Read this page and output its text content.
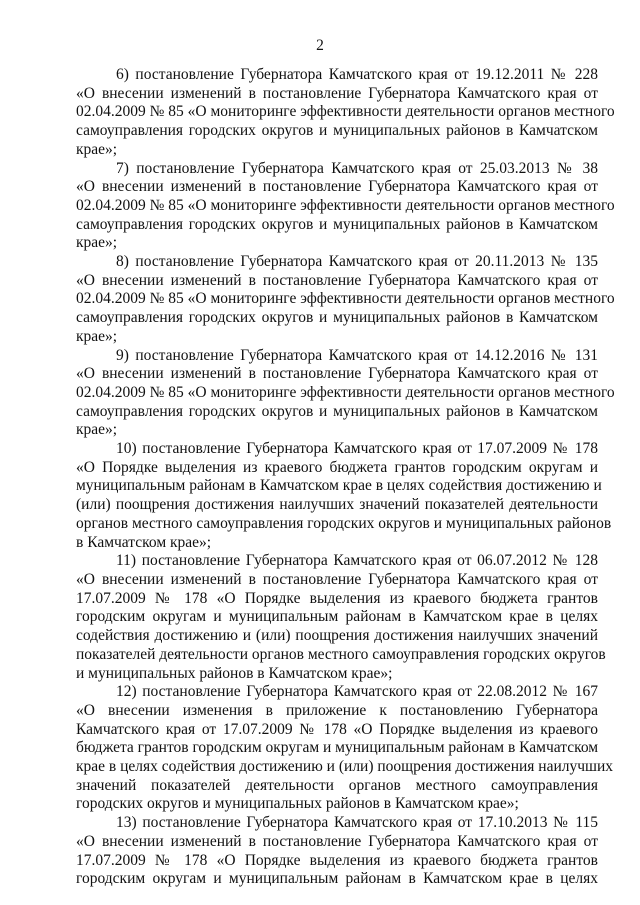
2

6) постановление Губернатора Камчатского края от 19.12.2011 № 228
«О внесении изменений в постановление Губернатора Камчатского края от
02.04.2009 № 85 «О мониторинге эффективности деятельности органов местного
самоуправления городских округов и муниципальных районов в Камчатском
крае»;

7) постановление Губернатора Камчатского края от 25.03.2013 № 38
«О внесении изменений в постановление Губернатора Камчатского края от
02.04.2009 № 85 «О мониторинге эффективности деятельности органов местного
самоуправления городских округов и муниципальных районов в Камчатском
крае»;

8) постановление Губернатора Камчатского края от 20.11.2013 № 135
«О внесении изменений в постановление Губернатора Камчатского края от
02.04.2009 № 85 «О мониторинге эффективности деятельности органов местного
самоуправления городских округов и муниципальных районов в Камчатском
крае»;

9) постановление Губернатора Камчатского края от 14.12.2016 № 131
«О внесении изменений в постановление Губернатора Камчатского края от
02.04.2009 № 85 «О мониторинге эффективности деятельности органов местного
самоуправления городских округов и муниципальных районов в Камчатском
крае»;

10) постановление Губернатора Камчатского края от 17.07.2009 № 178
«О Порядке выделения из краевого бюджета грантов городским округам и
муниципальным районам в Камчатском крае в целях содействия достижению и
(или) поощрения достижения наилучших значений показателей деятельности
органов местного самоуправления городских округов и муниципальных районов
в Камчатском крае»;

11) постановление Губернатора Камчатского края от 06.07.2012 № 128
«О внесении изменений в постановление Губернатора Камчатского края от
17.07.2009 № 178 «О Порядке выделения из краевого бюджета грантов
городским округам и муниципальным районам в Камчатском крае в целях
содействия достижению и (или) поощрения достижения наилучших значений
показателей деятельности органов местного самоуправления городских округов
и муниципальных районов в Камчатском крае»;

12) постановление Губернатора Камчатского края от 22.08.2012 № 167
«О внесении изменения в приложение к постановлению Губернатора
Камчатского края от 17.07.2009 № 178 «О Порядке выделения из краевого
бюджета грантов городским округам и муниципальным районам в Камчатском
крае в целях содействия достижению и (или) поощрения достижения наилучших
значений показателей деятельности органов местного самоуправления
городских округов и муниципальных районов в Камчатском крае»;

13) постановление Губернатора Камчатского края от 17.10.2013 № 115
«О внесении изменений в постановление Губернатора Камчатского края от
17.07.2009 № 178 «О Порядке выделения из краевого бюджета грантов
городским округам и муниципальным районам в Камчатском крае в целях
